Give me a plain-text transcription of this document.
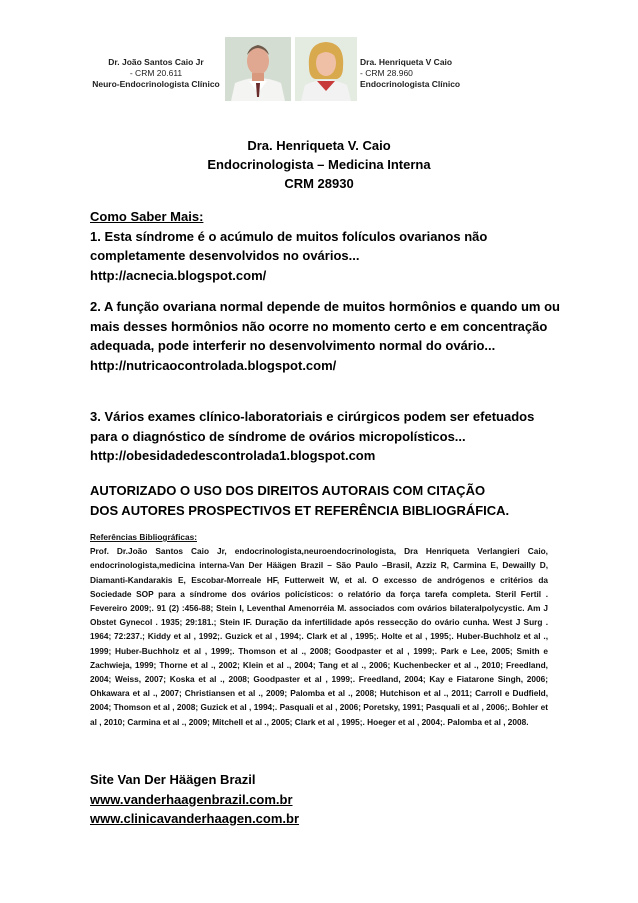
Dr. João Santos Caio Jr
- CRM 20.611
Neuro-Endocrinologista Clínico
Dra. Henriqueta V Caio
- CRM 28.960
Endocrinologista Clínico
Dra. Henriqueta V. Caio
Endocrinologista – Medicina Interna
CRM 28930
Como Saber Mais:
1. Esta síndrome é o acúmulo de muitos folículos ovarianos não completamente desenvolvidos no ovários...
http://acnecia.blogspot.com/
2. A função ovariana normal depende de muitos hormônios e quando um ou mais desses hormônios não ocorre no momento certo e em concentração adequada, pode interferir no desenvolvimento normal do ovário...
http://nutricaocontrolada.blogspot.com/
3. Vários exames clínico-laboratoriais e cirúrgicos podem ser efetuados para o diagnóstico de síndrome de ovários micropolísticos...
http://obesidadedescontrolada1.blogspot.com
AUTORIZADO O USO DOS DIREITOS AUTORAIS COM CITAÇÃO
DOS AUTORES PROSPECTIVOS ET REFERÊNCIA BIBLIOGRÁFICA.
Referências Bibliográficas:
Prof. Dr.João Santos Caio Jr, endocrinologista,neuroendocrinologista, Dra Henriqueta Verlangieri Caio, endocrinologista,medicina interna-Van Der Häägen Brazil – São Paulo –Brasil, Azziz R, Carmina E, Dewailly D, Diamanti-Kandarakis E, Escobar-Morreale HF, Futterweit W, et al. O excesso de andrógenos e critérios da Sociedade SOP para a síndrome dos ovários policísticos: o relatório da força tarefa completa. Steril Fertil . Fevereiro 2009;. 91 (2) :456-88; Stein I, Leventhal Amenorréia M. associados com ovários bilateralpolycystic. Am J Obstet Gynecol . 1935; 29:181.; Stein IF. Duração da infertilidade após ressecção do ovário cunha. West J Surg . 1964; 72:237.; Kiddy et al , 1992;. Guzick et al , 1994;. Clark et al , 1995;. Holte et al , 1995;. Huber-Buchholz et al ., 1999; Huber-Buchholz et al , 1999;. Thomson et al ., 2008; Goodpaster et al , 1999;. Park e Lee, 2005; Smith e Zachwieja, 1999; Thorne et al ., 2002; Klein et al ., 2004; Tang et al ., 2006; Kuchenbecker et al ., 2010; Freedland, 2004; Weiss, 2007; Koska et al ., 2008; Goodpaster et al , 1999;. Freedland, 2004; Kay e Fiatarone Singh, 2006; Ohkawara et al ., 2007; Christiansen et al ., 2009; Palomba et al ., 2008; Hutchison et al ., 2011; Carroll e Dudfield, 2004; Thomson et al , 2008; Guzick et al , 1994;. Pasquali et al , 2006; Poretsky, 1991; Pasquali et al , 2006;. Bohler et al , 2010; Carmina et al ., 2009; Mitchell et al ., 2005; Clark et al , 1995;. Hoeger et al , 2004;. Palomba et al , 2008.
Site Van Der Häägen Brazil
www.vanderhaagenbrazil.com.br
www.clinicavanderhaagen.com.br
